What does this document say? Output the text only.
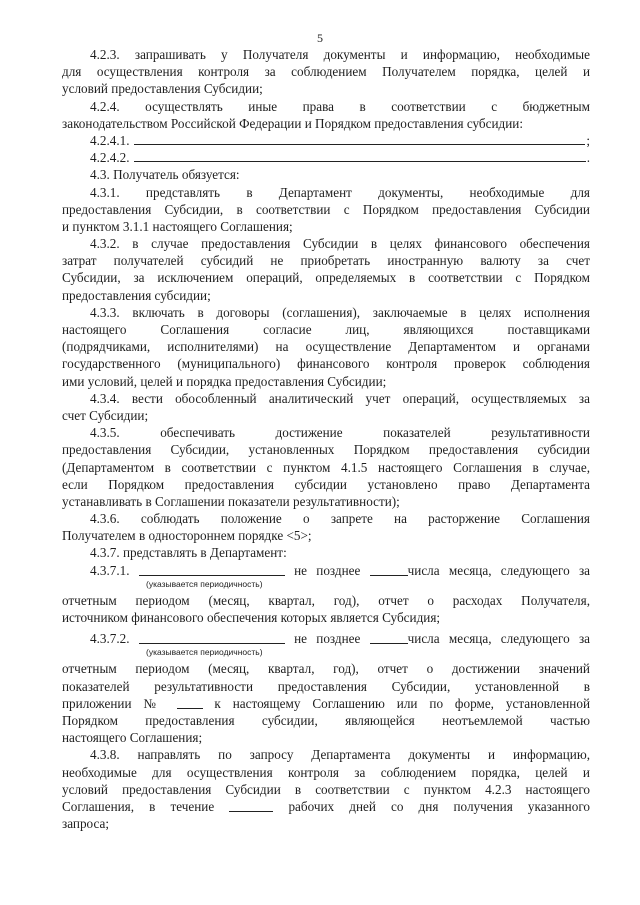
5
4.2.3. запрашивать у Получателя документы и информацию, необходимые
для осуществления контроля за соблюдением Получателем порядка, целей и
условий предоставления Субсидии;
4.2.4. осуществлять иные права в соответствии с бюджетным
законодательством Российской Федерации и Порядком предоставления субсидии:
4.2.4.1.	;
4.2.4.2.	.
4.3. Получатель обязуется:
4.3.1. представлять в Департамент документы, необходимые для
предоставления Субсидии, в соответствии с Порядком предоставления Субсидии
и пунктом 3.1.1 настоящего Соглашения;
4.3.2. в случае предоставления Субсидии в целях финансового обеспечения
затрат получателей субсидий не приобретать иностранную валюту за счет
Субсидии, за исключением операций, определяемых в соответствии с Порядком
предоставления субсидии;
4.3.3. включать в договоры (соглашения), заключаемые в целях исполнения
настоящего Соглашения согласие лиц, являющихся поставщиками
(подрядчиками, исполнителями) на осуществление Департаментом и органами
государственного (муниципального) финансового контроля проверок соблюдения
ими условий, целей и порядка предоставления Субсидии;
4.3.4. вести обособленный аналитический учет операций, осуществляемых за
счет Субсидии;
4.3.5. обеспечивать достижение показателей результативности
предоставления Субсидии, установленных Порядком предоставления субсидии
(Департаментом в соответствии с пунктом 4.1.5 настоящего Соглашения в случае,
если Порядком предоставления субсидии установлено право Департамента
устанавливать в Соглашении показатели результативности);
4.3.6. соблюдать положение о запрете на расторжение Соглашения
Получателем в одностороннем порядке <5>;
4.3.7. представлять в Департамент:
4.3.7.1.	не позднее	числа месяца, следующего за
(указывается периодичность)
отчетным периодом (месяц, квартал, год), отчет о расходах Получателя,
источником финансового обеспечения которых является Субсидия;
4.3.7.2.	не позднее	числа месяца, следующего за
(указывается периодичность)
отчетным периодом (месяц, квартал, год), отчет о достижении значений
показателей результативности предоставления Субсидии, установленной в
приложении №	к настоящему Соглашению или по форме, установленной
Порядком предоставления субсидии, являющейся неотъемлемой частью
настоящего Соглашения;
4.3.8. направлять по запросу Департамента документы и информацию,
необходимые для осуществления контроля за соблюдением порядка, целей и
условий предоставления Субсидии в соответствии с пунктом 4.2.3 настоящего
Соглашения, в течение	рабочих дней со дня получения указанного
запроса;
